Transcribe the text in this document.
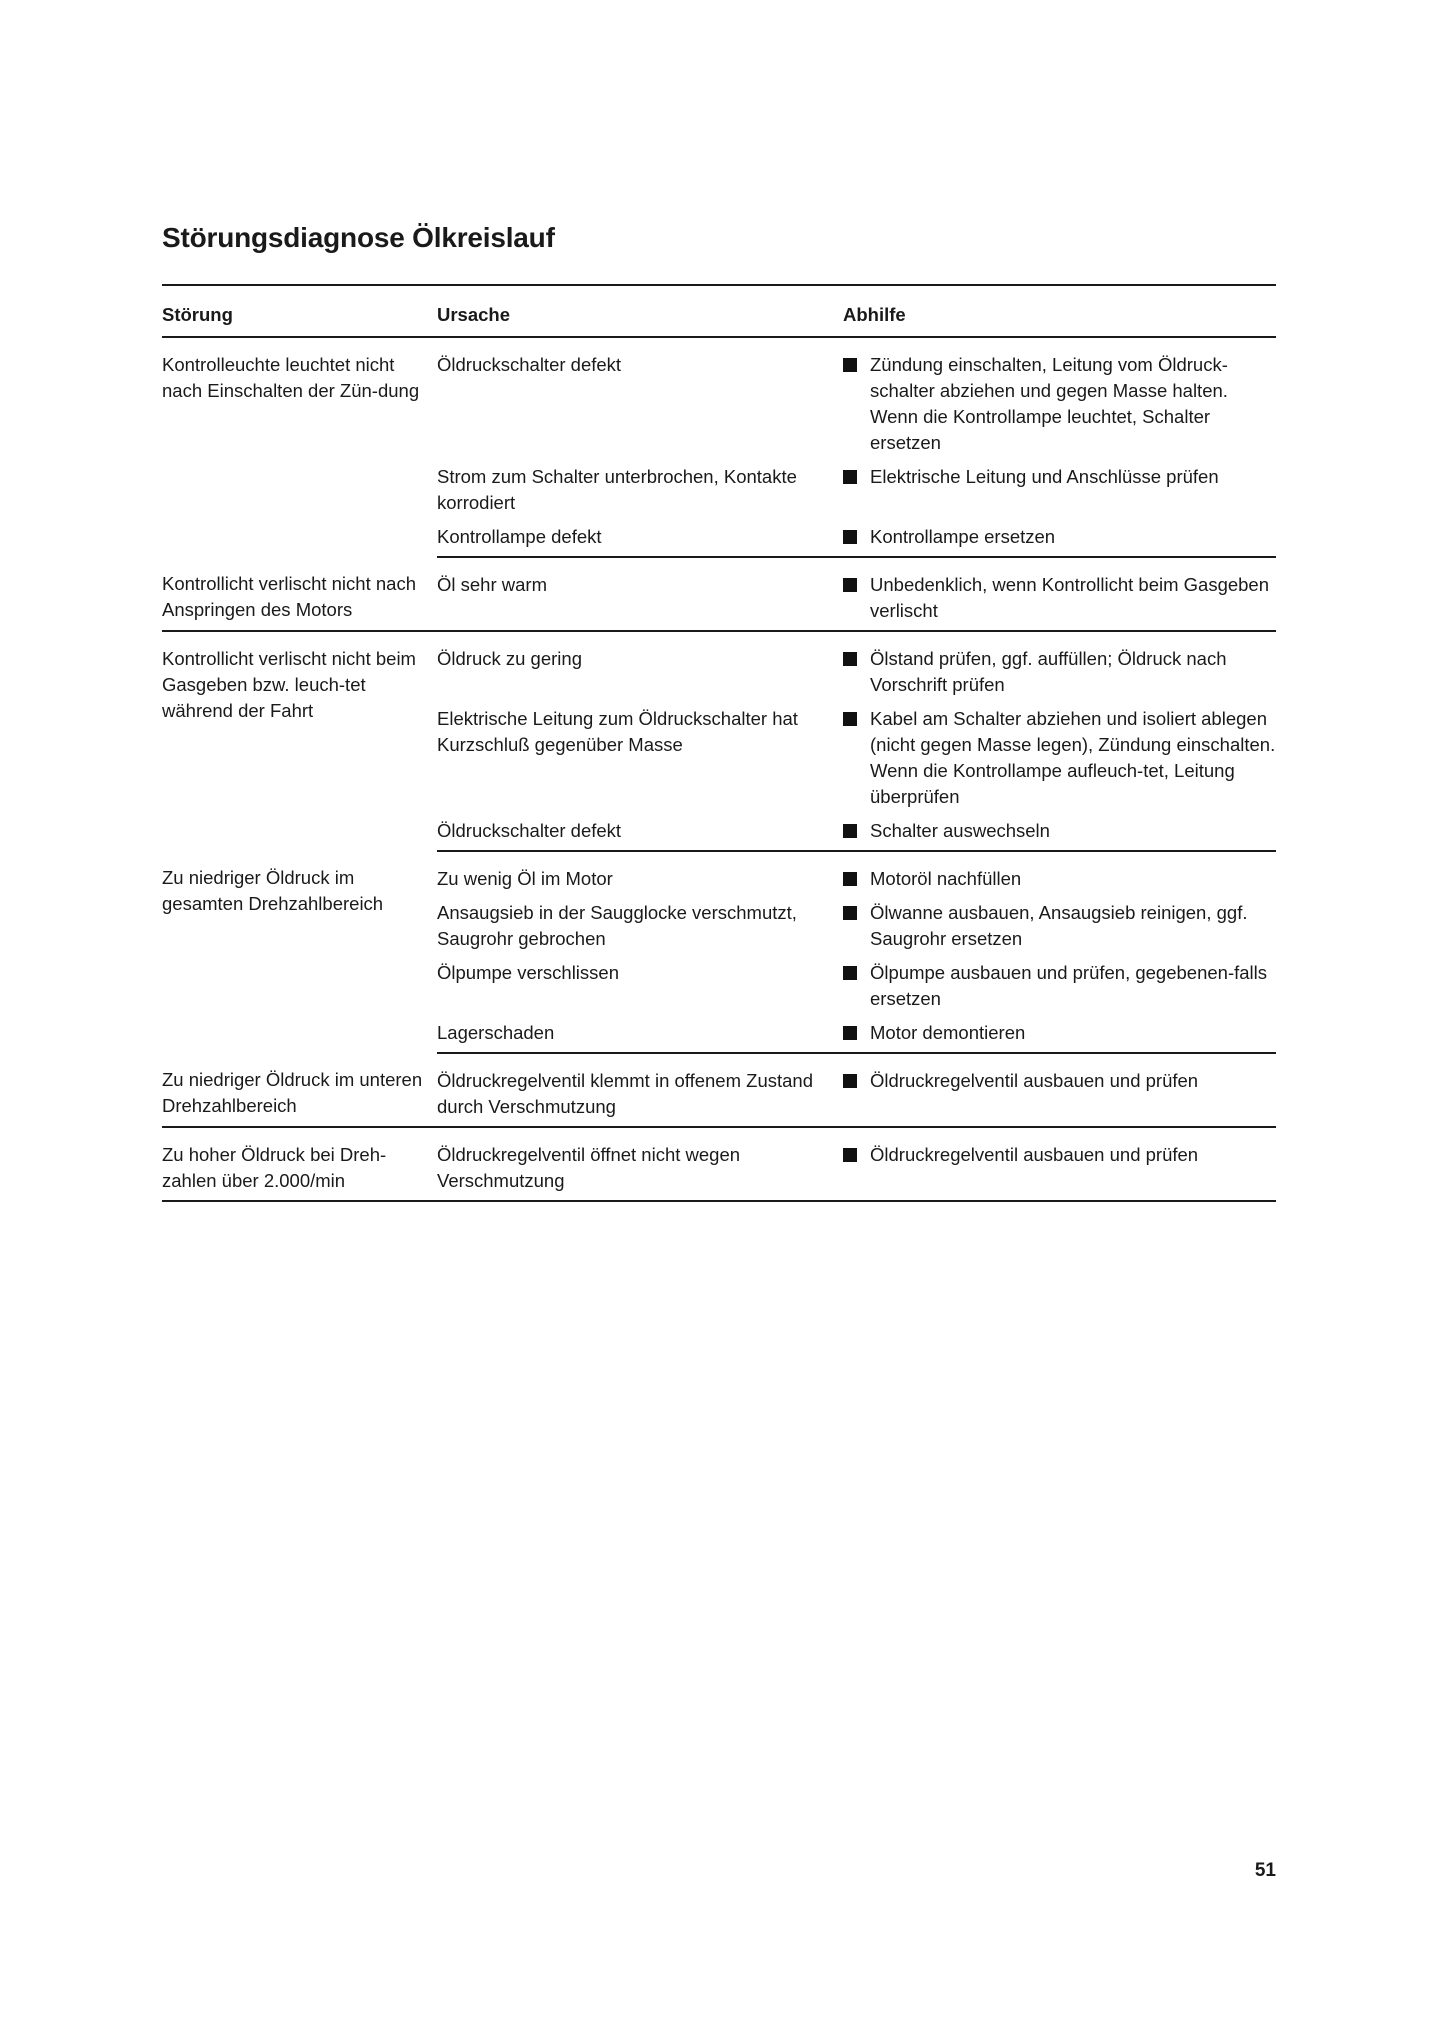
Störungsdiagnose Ölkreislauf
Störung	Ursache	Abhilfe
Kontrolleuchte leuchtet nicht nach Einschalten der Zün-dung	Öldruckschalter defekt	Zündung einschalten, Leitung vom Öldruck-schalter abziehen und gegen Masse halten. Wenn die Kontrollampe leuchtet, Schalter ersetzen

	Strom zum Schalter unterbrochen, Kontakte korrodiert	Elektrische Leitung und Anschlüsse prüfen

	Kontrollampe defekt	Kontrollampe ersetzen

Kontrollicht verlischt nicht nach Anspringen des Motors	Öl sehr warm	Unbedenklich, wenn Kontrollicht beim Gasgeben verlischt

Kontrollicht verlischt nicht beim Gasgeben bzw. leuch-tet während der Fahrt	Öldruck zu gering	Ölstand prüfen, ggf. auffüllen; Öldruck nach Vorschrift prüfen

	Elektrische Leitung zum Öldruckschalter hat Kurzschluß gegenüber Masse	Kabel am Schalter abziehen und isoliert ablegen (nicht gegen Masse legen), Zündung einschalten. Wenn die Kontrollampe aufleuch-tet, Leitung überprüfen

	Öldruckschalter defekt	Schalter auswechseln

Zu niedriger Öldruck im gesamten Drehzahlbereich	Zu wenig Öl im Motor	Motoröl nachfüllen

	Ansaugsieb in der Saugglocke verschmutzt, Saugrohr gebrochen	Ölwanne ausbauen, Ansaugsieb reinigen, ggf. Saugrohr ersetzen

	Ölpumpe verschlissen	Ölpumpe ausbauen und prüfen, gegebenen-falls ersetzen

	Lagerschaden	Motor demontieren

Zu niedriger Öldruck im unteren Drehzahlbereich	Öldruckregelventil klemmt in offenem Zustand durch Verschmutzung	Öldruckregelventil ausbauen und prüfen

Zu hoher Öldruck bei Dreh-zahlen über 2.000/min	Öldruckregelventil öffnet nicht wegen Verschmutzung	Öldruckregelventil ausbauen und prüfen
51
